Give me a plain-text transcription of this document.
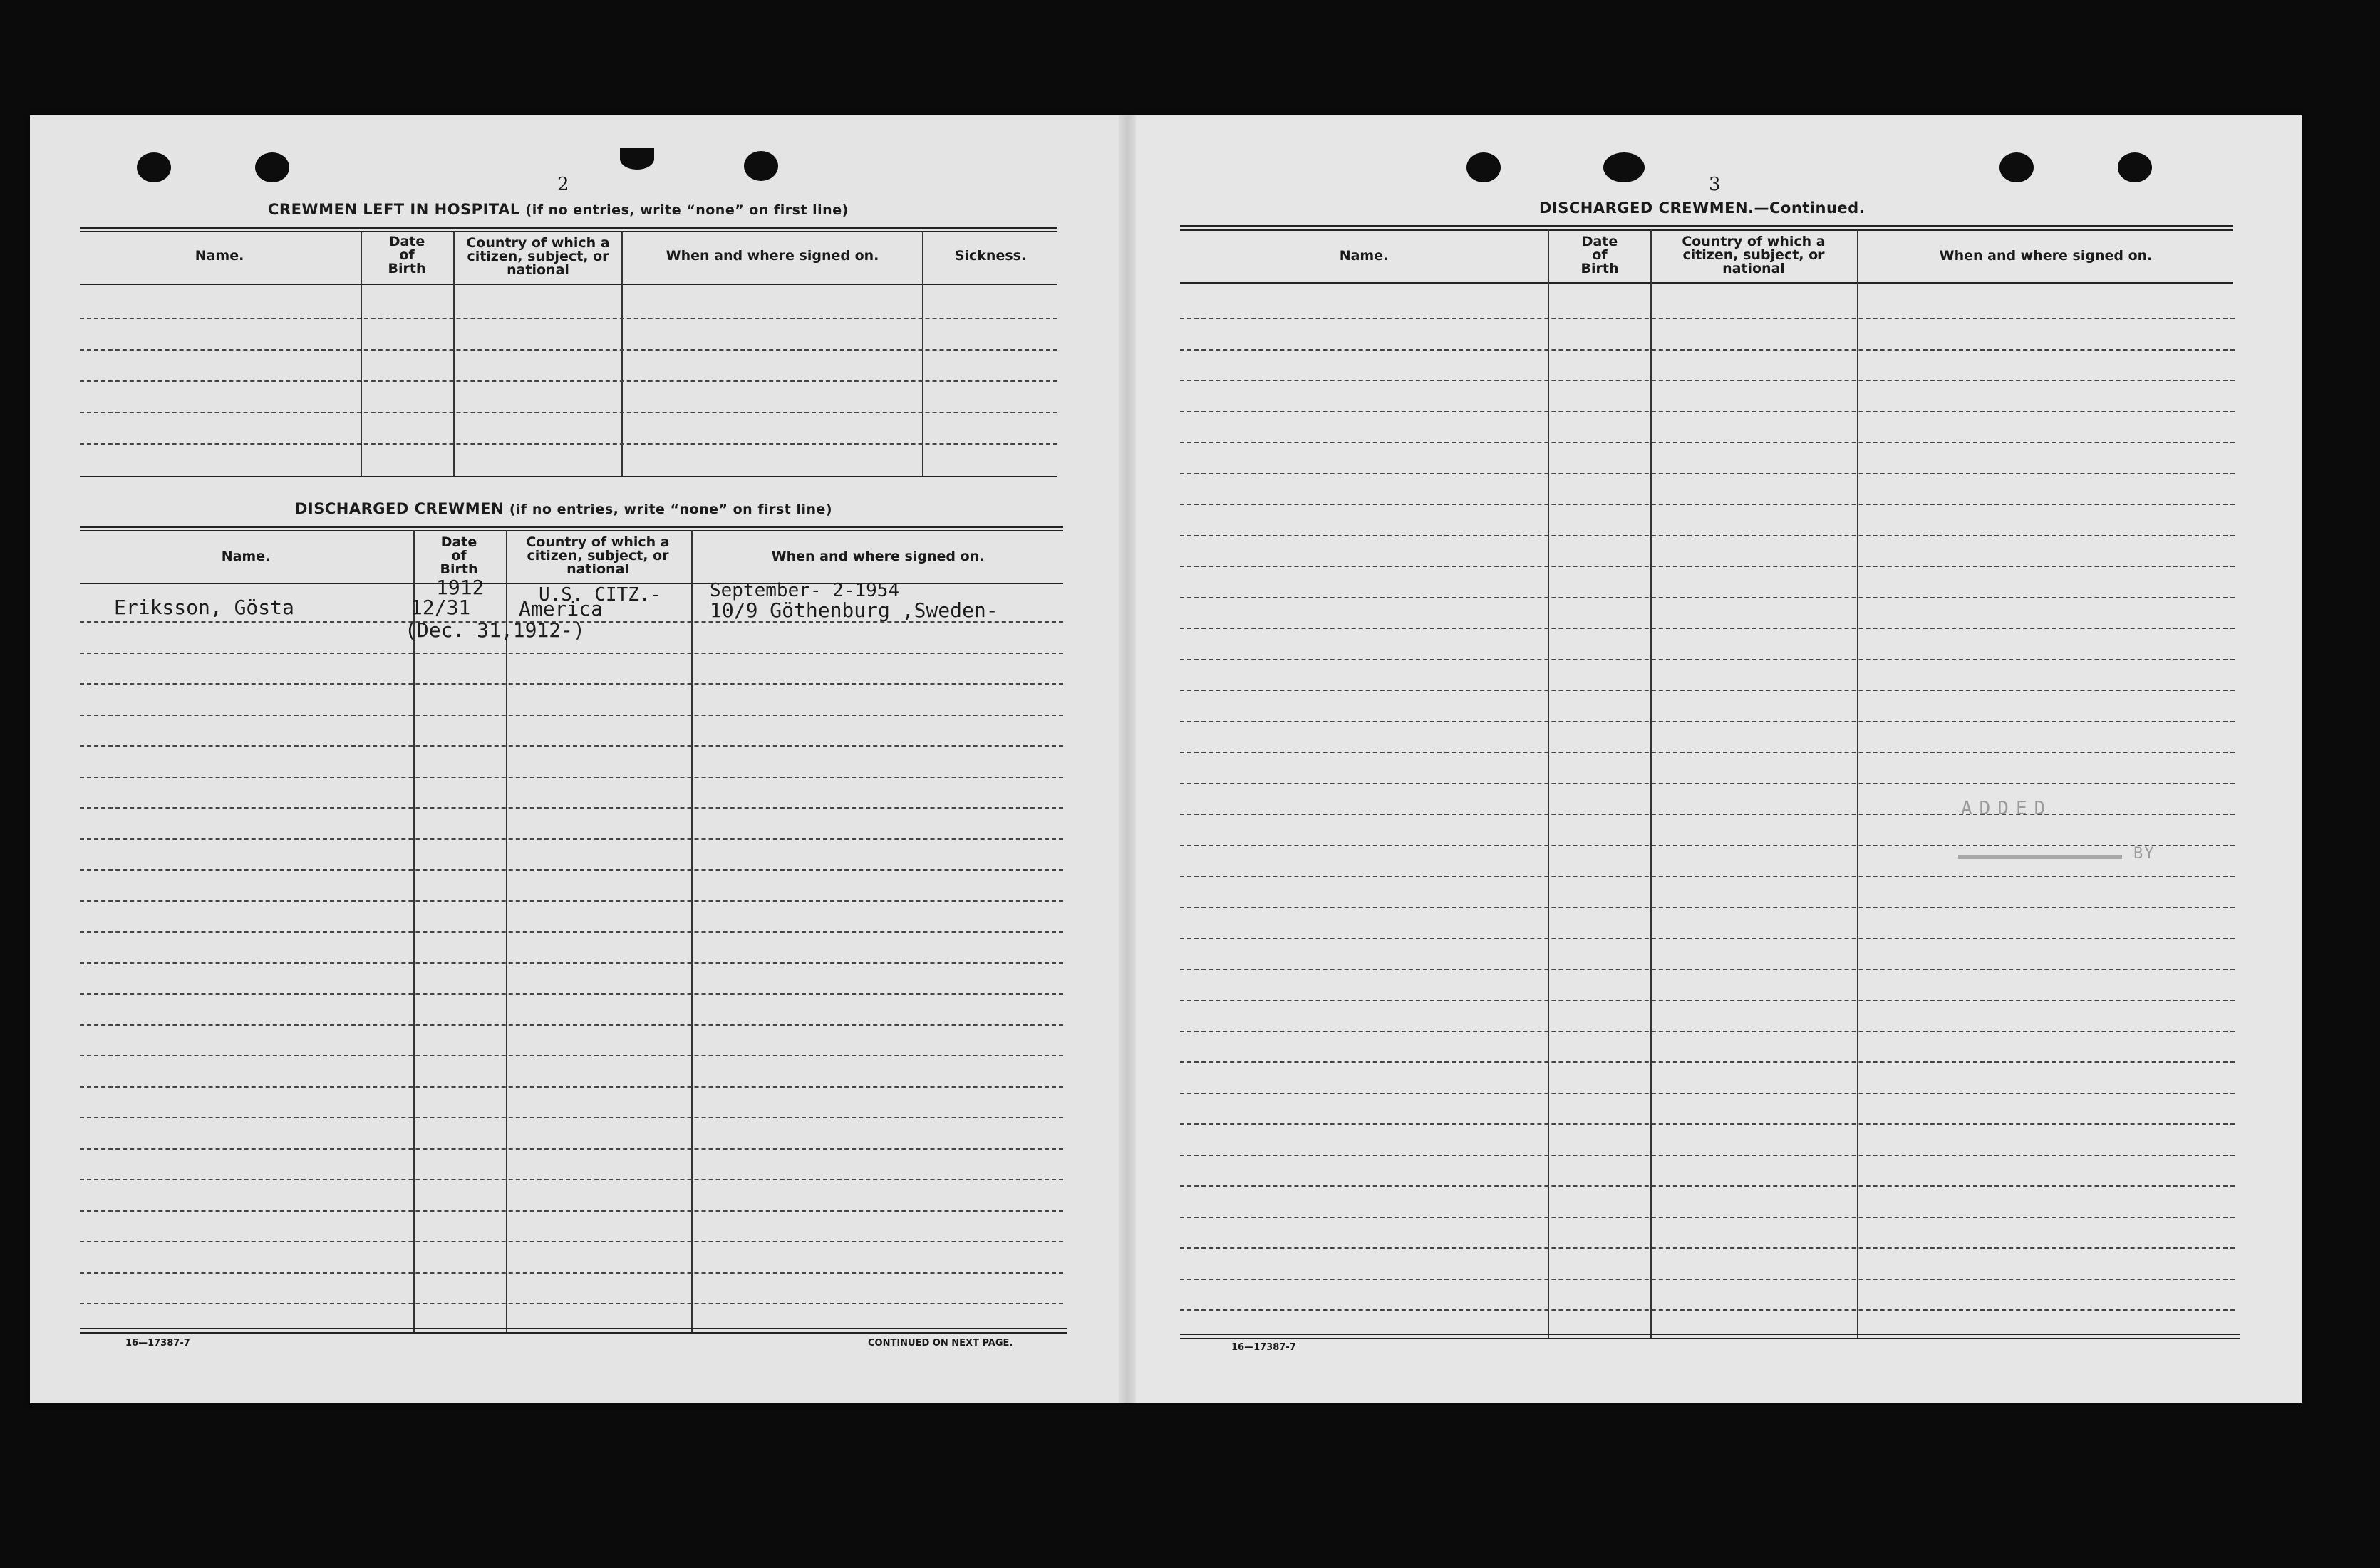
2
CREWMEN LEFT IN HOSPITAL (if no entries, write “none” on first line)
Name.
Date
of
Birth
Country of which a
citizen, subject, or
national
When and where signed on.	Sickness.
DISCHARGED CREWMEN (if no entries, write “none” on first line)
Name.
Date
of
Birth
Country of which a
citizen, subject, or
national
When and where signed on.
Eriksson, Gösta
1912
12/31
(Dec. 31,1912-)
U.S. CITZ.-
America
September- 2-1954
10/9 Göthenburg ,Sweden-
16—17387-7	CONTINUED ON NEXT PAGE.
3
DISCHARGED CREWMEN.—Continued.
Name.
Date
of
Birth
Country of which a
citizen, subject, or
national
When and where signed on.
16—17387-7
ADDED
BY
